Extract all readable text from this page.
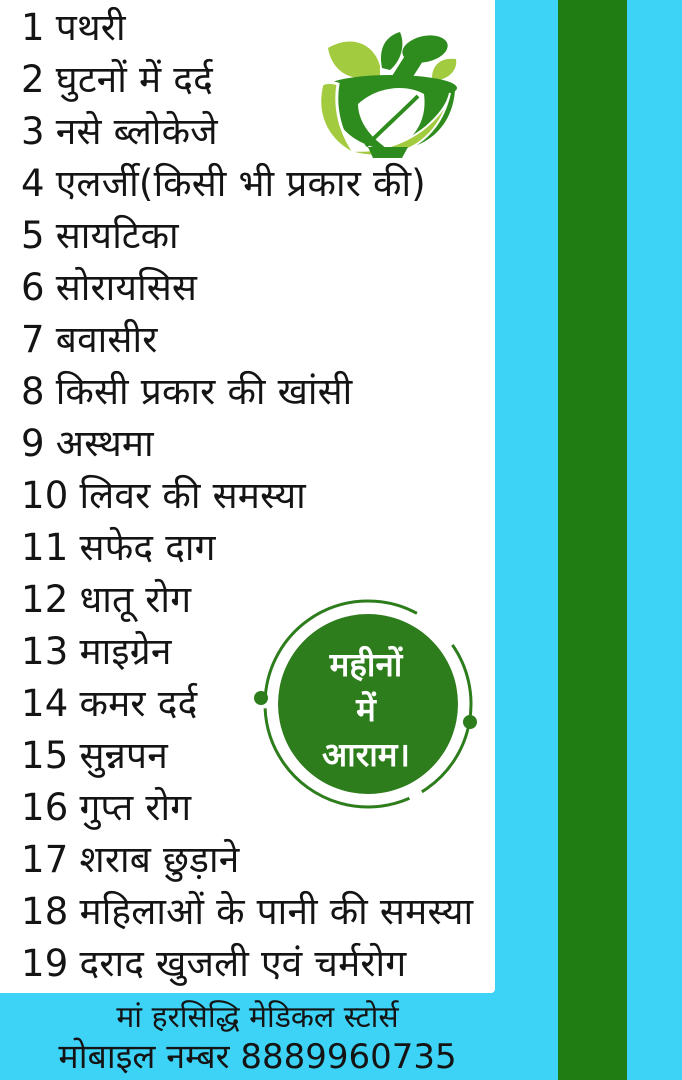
1 पथरी
2 घुटनों में दर्द
3 नसे ब्लोकेजे
4 एलर्जी(किसी भी प्रकार की)
5 सायटिका
6 सोरायसिस
7 बवासीर
8 किसी प्रकार की खांसी
9 अस्थमा
10 लिवर की समस्या
11 सफेद दाग
12 धातू रोग
13 माइग्रेन
14 कमर दर्द
15 सुन्नपन
16 गुप्त रोग
17 शराब छुड़ाने
18 महिलाओं के पानी की समस्या
19 दराद खुजली एवं चर्मरोग
महीनों
में
आराम।
मां हरसिद्धि मेडिकल स्टोर्स
मोबाइल नम्बर 8889960735
